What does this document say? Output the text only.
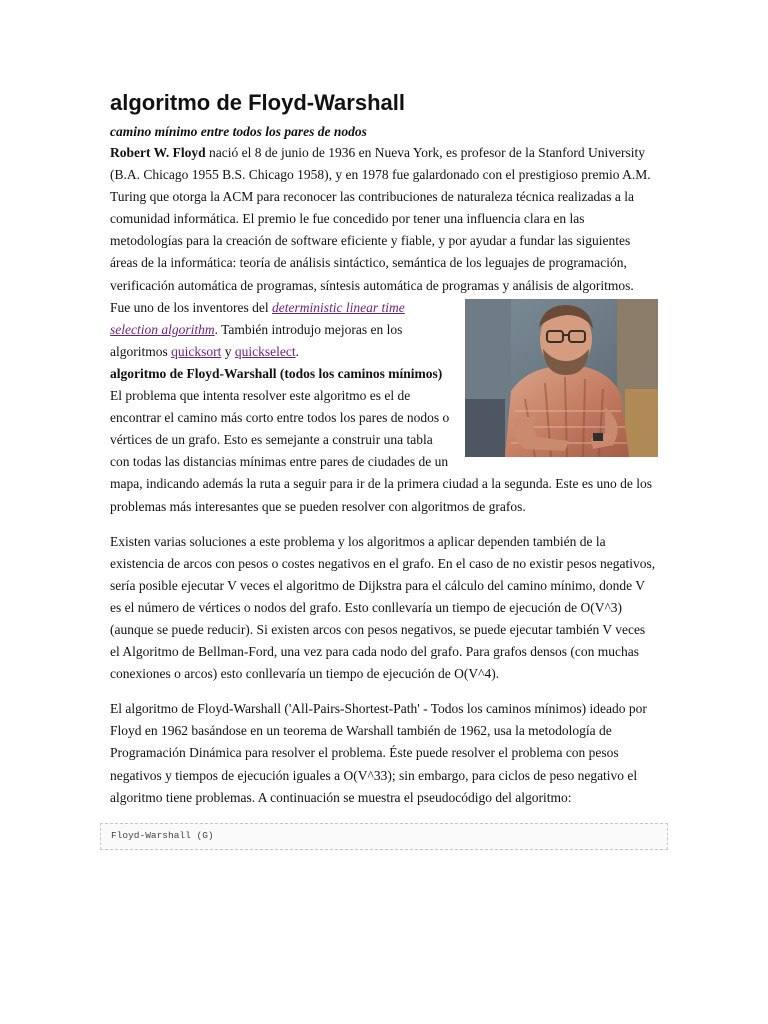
algoritmo de Floyd-Warshall

camino mínimo entre todos los pares de nodos

Robert W. Floyd nació el 8 de junio de 1936 en Nueva York, es profesor de la Stanford University (B.A. Chicago 1955 B.S. Chicago 1958), y en 1978 fue galardonado con el prestigioso premio A.M. Turing que otorga la ACM para reconocer las contribuciones de naturaleza técnica realizadas a la comunidad informática. El premio le fue concedido por tener una influencia clara en las metodologías para la creación de software eficiente y fiable, y por ayudar a fundar las siguientes áreas de la informática: teoría de análisis sintáctico, semántica de los leguajes de programación, verificación automática de programas, síntesis automática de programas y análisis de algoritmos.

Fue uno de los inventores del deterministic linear time selection algorithm. También introdujo mejoras en los algoritmos quicksort y quickselect.

algoritmo de Floyd-Warshall (todos los caminos mínimos)

El problema que intenta resolver este algoritmo es el de encontrar el camino más corto entre todos los pares de nodos o vértices de un grafo. Esto es semejante a construir una tabla con todas las distancias mínimas entre pares de ciudades de un mapa, indicando además la ruta a seguir para ir de la primera ciudad a la segunda. Este es uno de los problemas más interesantes que se pueden resolver con algoritmos de grafos.

Existen varias soluciones a este problema y los algoritmos a aplicar dependen también de la existencia de arcos con pesos o costes negativos en el grafo. En el caso de no existir pesos negativos, sería posible ejecutar V veces el algoritmo de Dijkstra para el cálculo del camino mínimo, donde V es el número de vértices o nodos del grafo. Esto conllevaría un tiempo de ejecución de O(V^3) (aunque se puede reducir). Si existen arcos con pesos negativos, se puede ejecutar también V veces el Algoritmo de Bellman-Ford, una vez para cada nodo del grafo. Para grafos densos (con muchas conexiones o arcos) esto conllevaría un tiempo de ejecución de O(V^4).

El algoritmo de Floyd-Warshall ('All-Pairs-Shortest-Path' - Todos los caminos mínimos) ideado por Floyd en 1962 basándose en un teorema de Warshall también de 1962, usa la metodología de Programación Dinámica para resolver el problema. Éste puede resolver el problema con pesos negativos y tiempos de ejecución iguales a O(V^33); sin embargo, para ciclos de peso negativo el algoritmo tiene problemas. A continuación se muestra el pseudocódigo del algoritmo:

Floyd-Warshall (G)
